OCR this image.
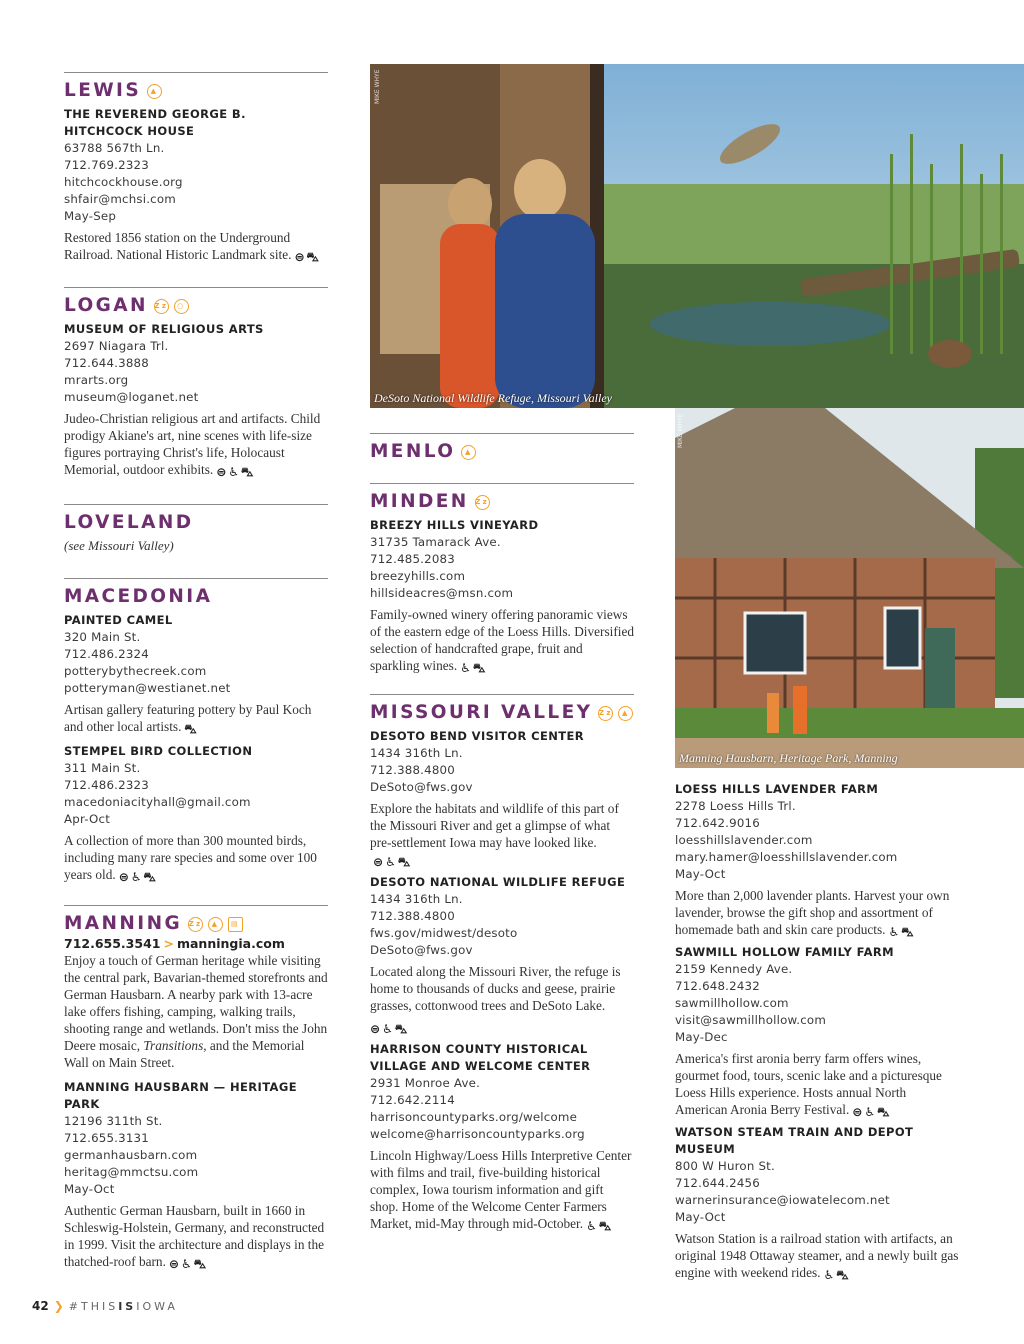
LEWIS	▲
THE REVEREND GEORGE B. HITCHCOCK HOUSE
63788 567th Ln.
712.769.2323
hitchcockhouse.org
shfair@mchsi.com
May-Sep
Restored 1856 station on the Underground Railroad. National Historic Landmark site. ⊜ ⛍
LOGAN Zz	○
MUSEUM OF RELIGIOUS ARTS
2697 Niagara Trl.
712.644.3888
mrarts.org
museum@loganet.net
Judeo-Christian religious art and artifacts. Child prodigy Akiane's art, nine scenes with life-size figures portraying Christ's life, Holocaust Memorial, outdoor exhibits. ⊜ ♿ ⛍
LOVELAND
(see Missouri Valley)
MACEDONIA
PAINTED CAMEL
320 Main St.
712.486.2324
potterybythecreek.com
potteryman@westianet.net
Artisan gallery featuring pottery by Paul Koch and other local artists. ⛍
STEMPEL BIRD COLLECTION
311 Main St.
712.486.2323
macedoniacityhall@gmail.com
Apr-Oct
A collection of more than 300 mounted birds, including many rare species and some over 100 years old. ⊜ ♿ ⛍
MANNING Zz	▲	▤
712.655.3541 > manningia.com
Enjoy a touch of German heritage while visiting the central park, Bavarian-themed storefronts and German Hausbarn. A nearby park with 13-acre lake offers fishing, camping, walking trails, shooting range and wetlands. Don't miss the John Deere mosaic, Transitions, and the Memorial Wall on Main Street.
MANNING HAUSBARN — HERITAGE PARK
12196 311th St.
712.655.3131
germanhausbarn.com
heritag@mmctsu.com
May-Oct
Authentic German Hausbarn, built in 1660 in Schleswig-Holstein, Germany, and reconstructed in 1999. Visit the architecture and displays in the thatched-roof barn. ⊜ ♿ ⛍
MIKE WHYE
DeSoto National Wildlife Refuge, Missouri Valley
MENLO	▲
MINDEN Zz
BREEZY HILLS VINEYARD
31735 Tamarack Ave.
712.485.2083
breezyhills.com
hillsideacres@msn.com
Family-owned winery offering panoramic views of the eastern edge of the Loess Hills. Diversified selection of handcrafted grape, fruit and sparkling wines. ♿ ⛍
MISSOURI VALLEY Zz	▲
DESOTO BEND VISITOR CENTER
1434 316th Ln.
712.388.4800
DeSoto@fws.gov
Explore the habitats and wildlife of this part of the Missouri River and get a glimpse of what pre-settlement Iowa may have looked like.
⊜ ♿ ⛍
DESOTO NATIONAL WILDLIFE REFUGE
1434 316th Ln.
712.388.4800
fws.gov/midwest/desoto
DeSoto@fws.gov
Located along the Missouri River, the refuge is home to thousands of ducks and geese, prairie grasses, cottonwood trees and DeSoto Lake.
⊜ ♿ ⛍
HARRISON COUNTY HISTORICAL VILLAGE AND WELCOME CENTER
2931 Monroe Ave.
712.642.2114
harrisoncountyparks.org/welcome
welcome@harrisoncountyparks.org
Lincoln Highway/Loess Hills Interpretive Center with films and trail, five-building historical complex, Iowa tourism information and gift shop. Home of the Welcome Center Farmers Market, mid-May through mid-October. ♿ ⛍
MIKE WHYE
Manning Hausbarn, Heritage Park, Manning
LOESS HILLS LAVENDER FARM
2278 Loess Hills Trl.
712.642.9016
loesshillslavender.com
mary.hamer@loesshillslavender.com
May-Oct
More than 2,000 lavender plants. Harvest your own lavender, browse the gift shop and assortment of homemade bath and skin care products. ♿ ⛍
SAWMILL HOLLOW FAMILY FARM
2159 Kennedy Ave.
712.648.2432
sawmillhollow.com
visit@sawmillhollow.com
May-Dec
America's first aronia berry farm offers wines, gourmet food, tours, scenic lake and a picturesque Loess Hills experience. Hosts annual North American Aronia Berry Festival. ⊜ ♿ ⛍
WATSON STEAM TRAIN AND DEPOT MUSEUM
800 W Huron St.
712.644.2456
warnerinsurance@iowatelecom.net
May-Oct
Watson Station is a railroad station with artifacts, an original 1948 Ottaway steamer, and a newly built gas engine with weekend rides. ♿ ⛍
42 ❯ #THISISIOWA
